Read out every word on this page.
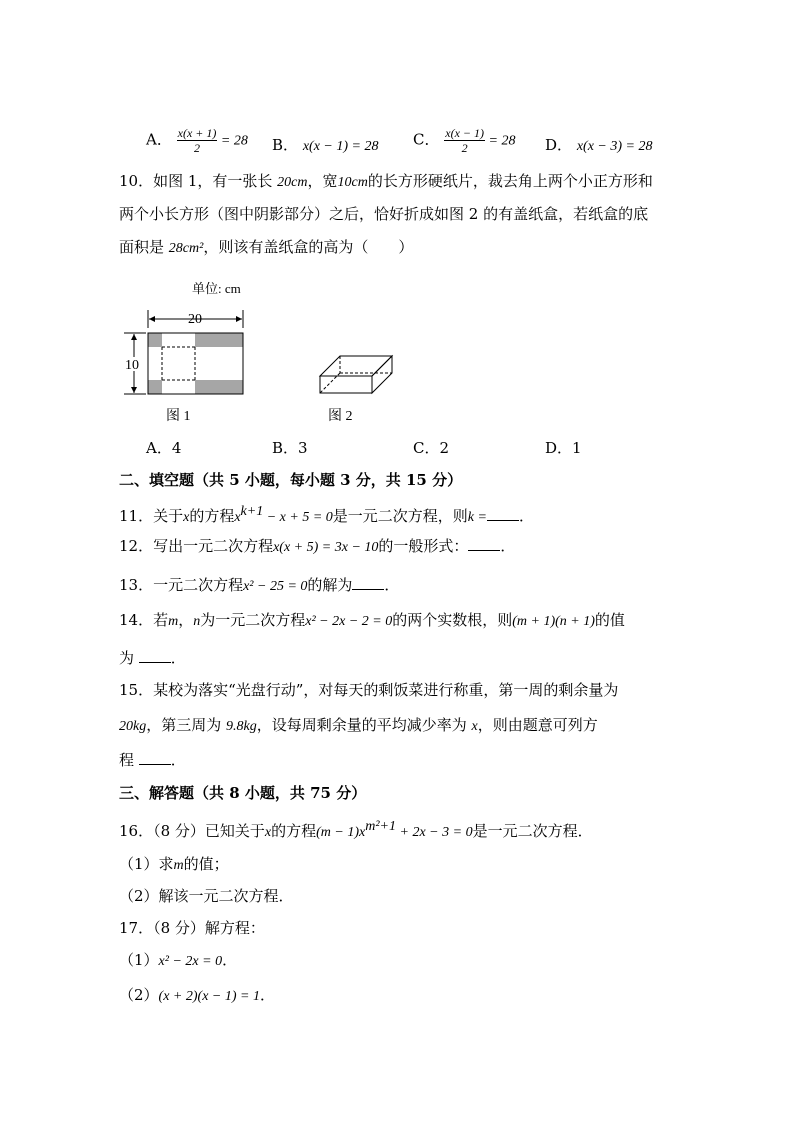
A． $\frac{x(x + 1)}{2} = 28$ B． x(x − 1) = 28 C． $\frac{x(x - 1)}{2} = 28$ D． x(x − 3) = 28
10．如图 1，有一张长 20cm，宽10cm的长方形硬纸片，裁去角上两个小正方形和
两个小长方形（图中阴影部分）之后，恰好折成如图 2 的有盖纸盒，若纸盒的底
面积是 28cm²，则该有盖纸盒的高为（　　）
单位: cm
20
10
图 1	图 2
A．4	B．3	C．2	D．1
二、填空题（共 5 小题，每小题 3 分，共 15 分）
11．关于x的方程$x^{k+1} - x + 5 = 0$是一元二次方程，则k = ．
12．写出一元二次方程x(x + 5) = 3x − 10的一般形式： ．
13．一元二次方程x² − 25 = 0的解为 ．
14．若m，n为一元二次方程x² − 2x − 2 = 0的两个实数根，则(m + 1)(n + 1)的值
为 ．
15．某校为落实“光盘行动”，对每天的剩饭菜进行称重，第一周的剩余量为
20kg，第三周为 9.8kg，设每周剩余量的平均减少率为 x，则由题意可列方
程 ．
三、解答题（共 8 小题，共 75 分）
16．（8 分）已知关于x的方程$(m - 1)x^{m^2+1} + 2x - 3 = 0$是一元二次方程．
（1）求m的值；
（2）解该一元二次方程．
17．（8 分）解方程：
（1）x² − 2x = 0．
（2）(x + 2)(x − 1) = 1．
